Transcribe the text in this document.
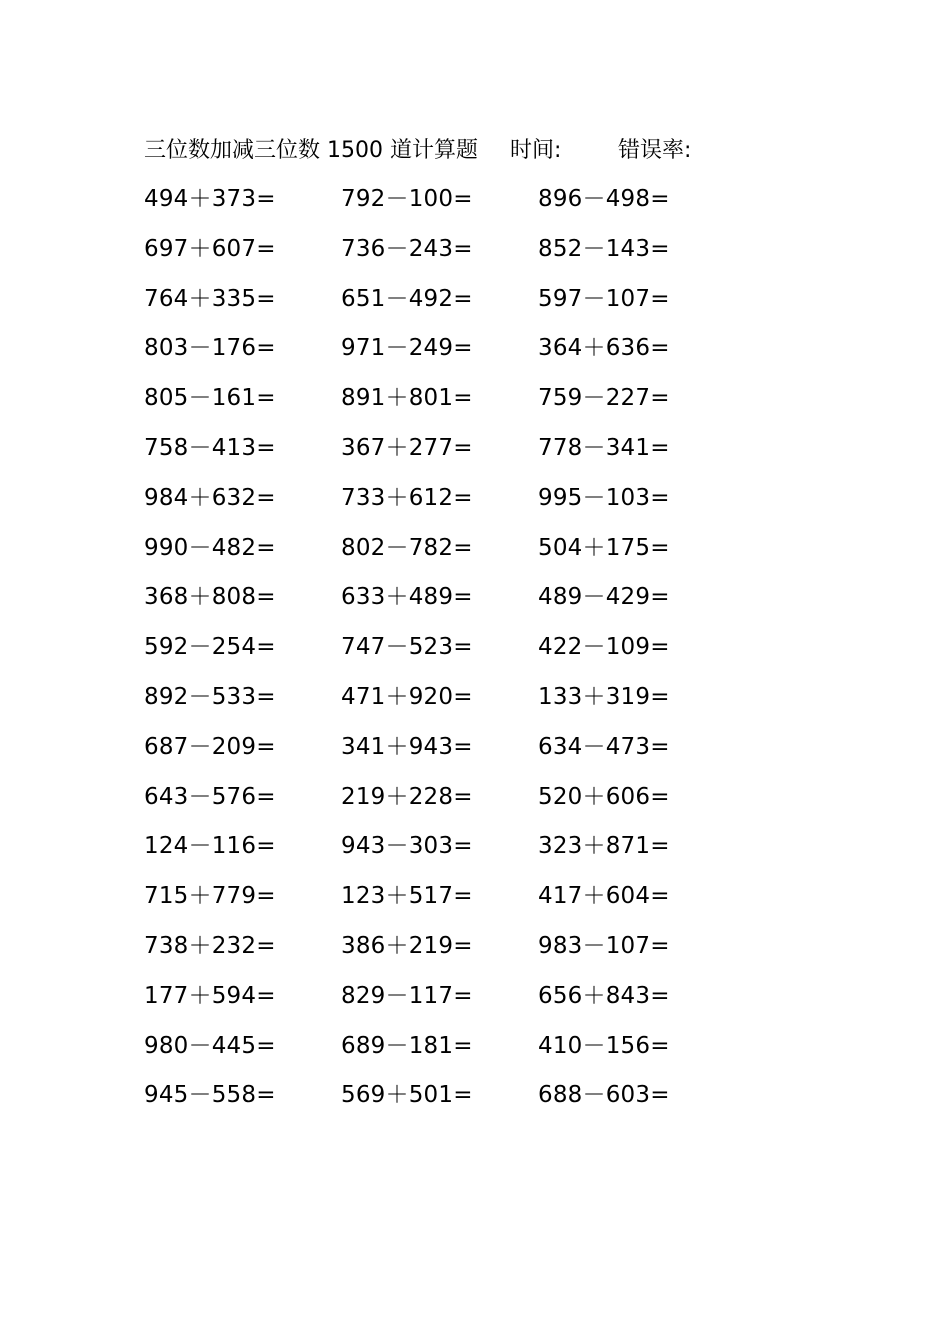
三位数加减三位数 1500 道计算题 时间:	错误率:
494＋373=	792－100=	896－498=
697＋607=	736－243=	852－143=
764＋335=	651－492=	597－107=
803－176=	971－249=	364＋636=
805－161=	891＋801=	759－227=
758－413=	367＋277=	778－341=
984＋632=	733＋612=	995－103=
990－482=	802－782=	504＋175=
368＋808=	633＋489=	489－429=
592－254=	747－523=	422－109=
892－533=	471＋920=	133＋319=
687－209=	341＋943=	634－473=
643－576=	219＋228=	520＋606=
124－116=	943－303=	323＋871=
715＋779=	123＋517=	417＋604=
738＋232=	386＋219=	983－107=
177＋594=	829－117=	656＋843=
980－445=	689－181=	410－156=
945－558=	569＋501=	688－603=
